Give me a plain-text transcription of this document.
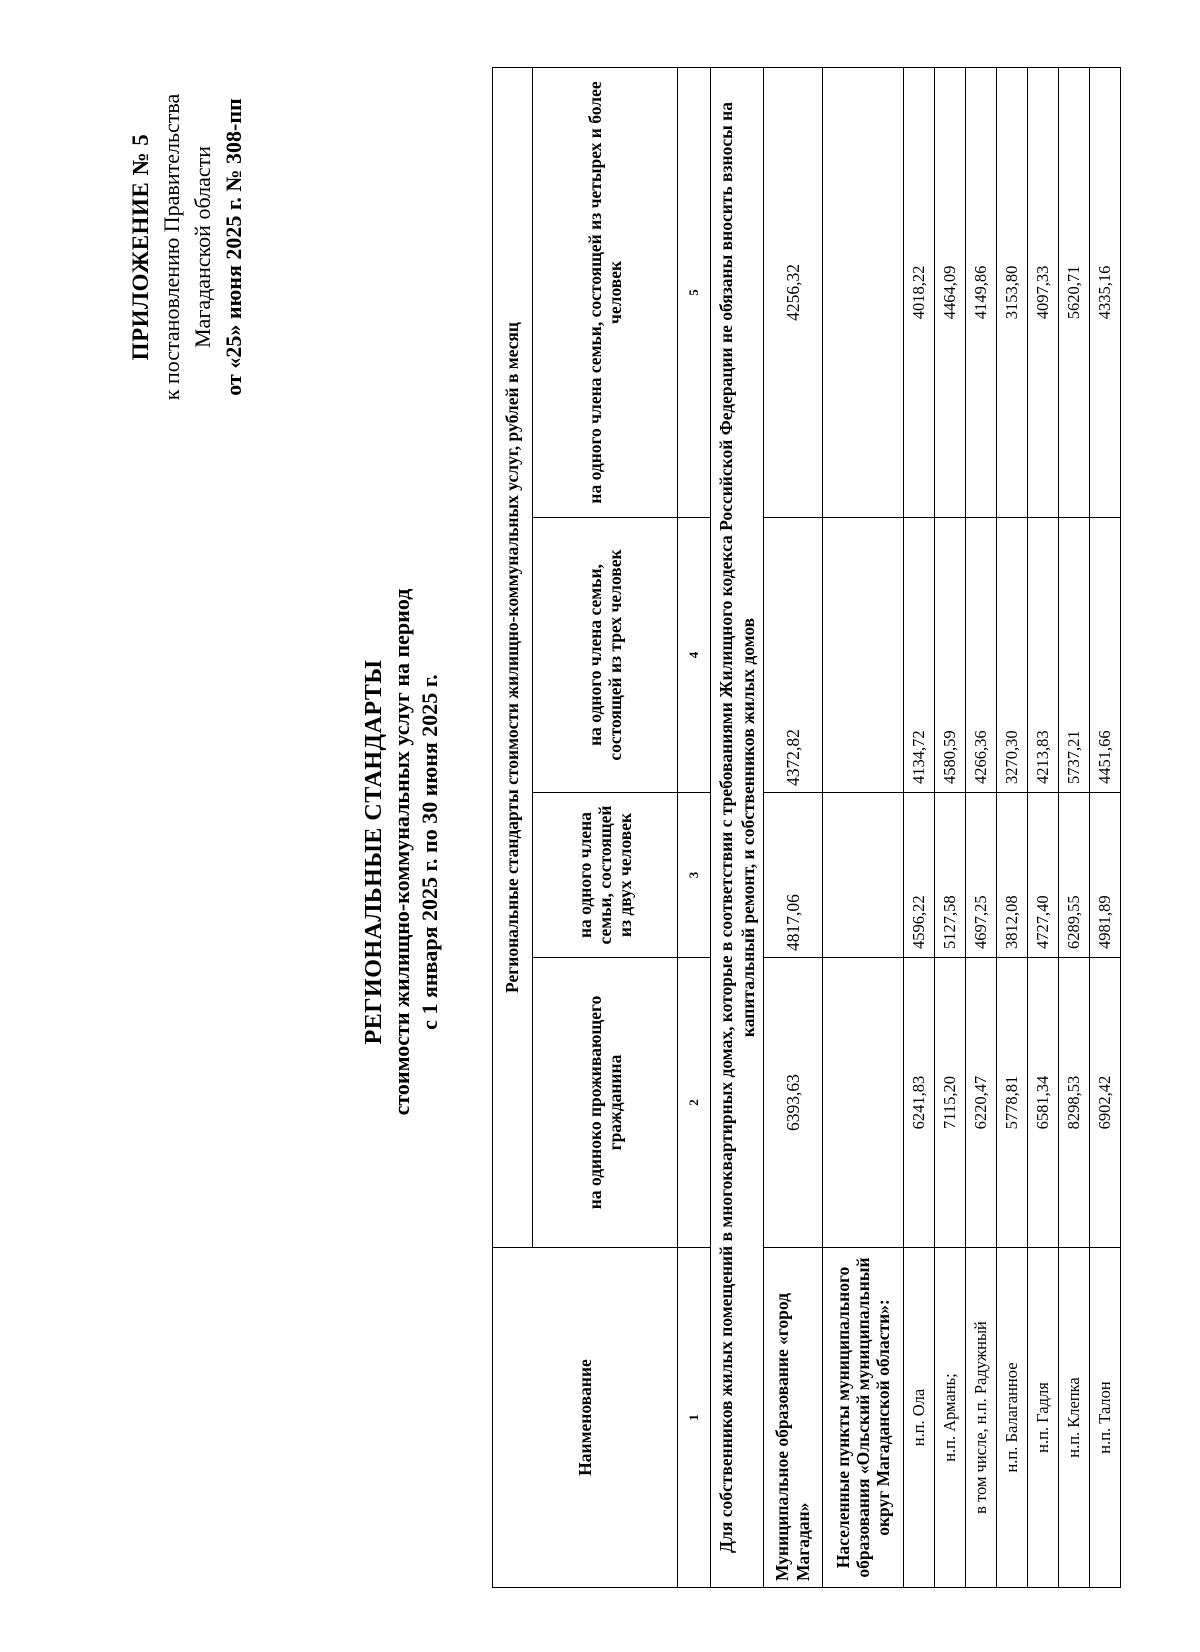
ПРИЛОЖЕНИЕ № 5 к постановлению Правительства Магаданской области от «25» июня 2025 г. № 308-пп
РЕГИОНАЛЬНЫЕ СТАНДАРТЫ стоимости жилищно-коммунальных услуг на период с 1 января 2025 г. по 30 июня 2025 г.
Наименование	Региональные стандарты стоимости жилищно-коммунальных услуг, рублей в месяц			
	на одиноко проживающего гражданина	на одного члена семьи, состоящей из двух человек	на одного члена семьи, состоящей из трех человек	на одного члена семьи, состоящей из четырех и более человек
1	2	3	4	5
Для собственников жилых помещений в многоквартирных домах, которые в соответствии с требованиями Жилищного кодекса Российской Федерации не обязаны вносить взносы на капитальный ремонт, и собственников жилых домов				
Муниципальное образование «город Магадан»	6393,63	4817,06	4372,82	4256,32
Населенные пункты муниципального образования «Ольский муниципальный округ Магаданской области»:				
н.п. Ола	6241,83	4596,22	4134,72	4018,22
н.п. Армань;	7115,20	5127,58	4580,59	4464,09
в том числе, н.п. Радужный	6220,47	4697,25	4266,36	4149,86
н.п. Балаганное	5778,81	3812,08	3270,30	3153,80
н.п. Гадля	6581,34	4727,40	4213,83	4097,33
н.п. Клепка	8298,53	6289,55	5737,21	5620,71
н.п. Талон	6902,42	4981,89	4451,66	4335,16
